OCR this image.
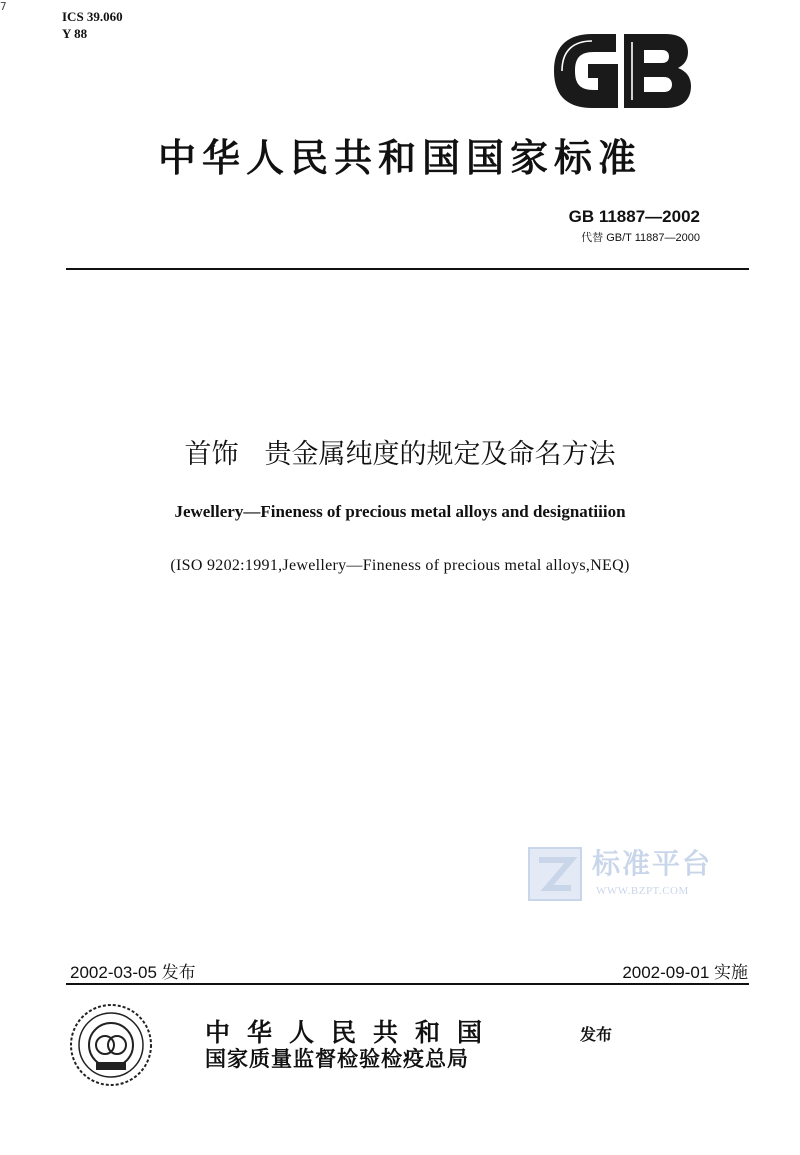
7
ICS 39.060
Y 88
中华人民共和国国家标准
GB 11887—2002
代替 GB/T 11887—2000
首饰 贵金属纯度的规定及命名方法
Jewellery—Fineness of precious metal alloys and designatiiion
(ISO 9202:1991,Jewellery—Fineness of precious metal alloys,NEQ)
标准平台
WWW.BZPT.COM
2002-03-05 发布	2002-09-01 实施
中华人民共和国
国家质量监督检验检疫总局
发布
